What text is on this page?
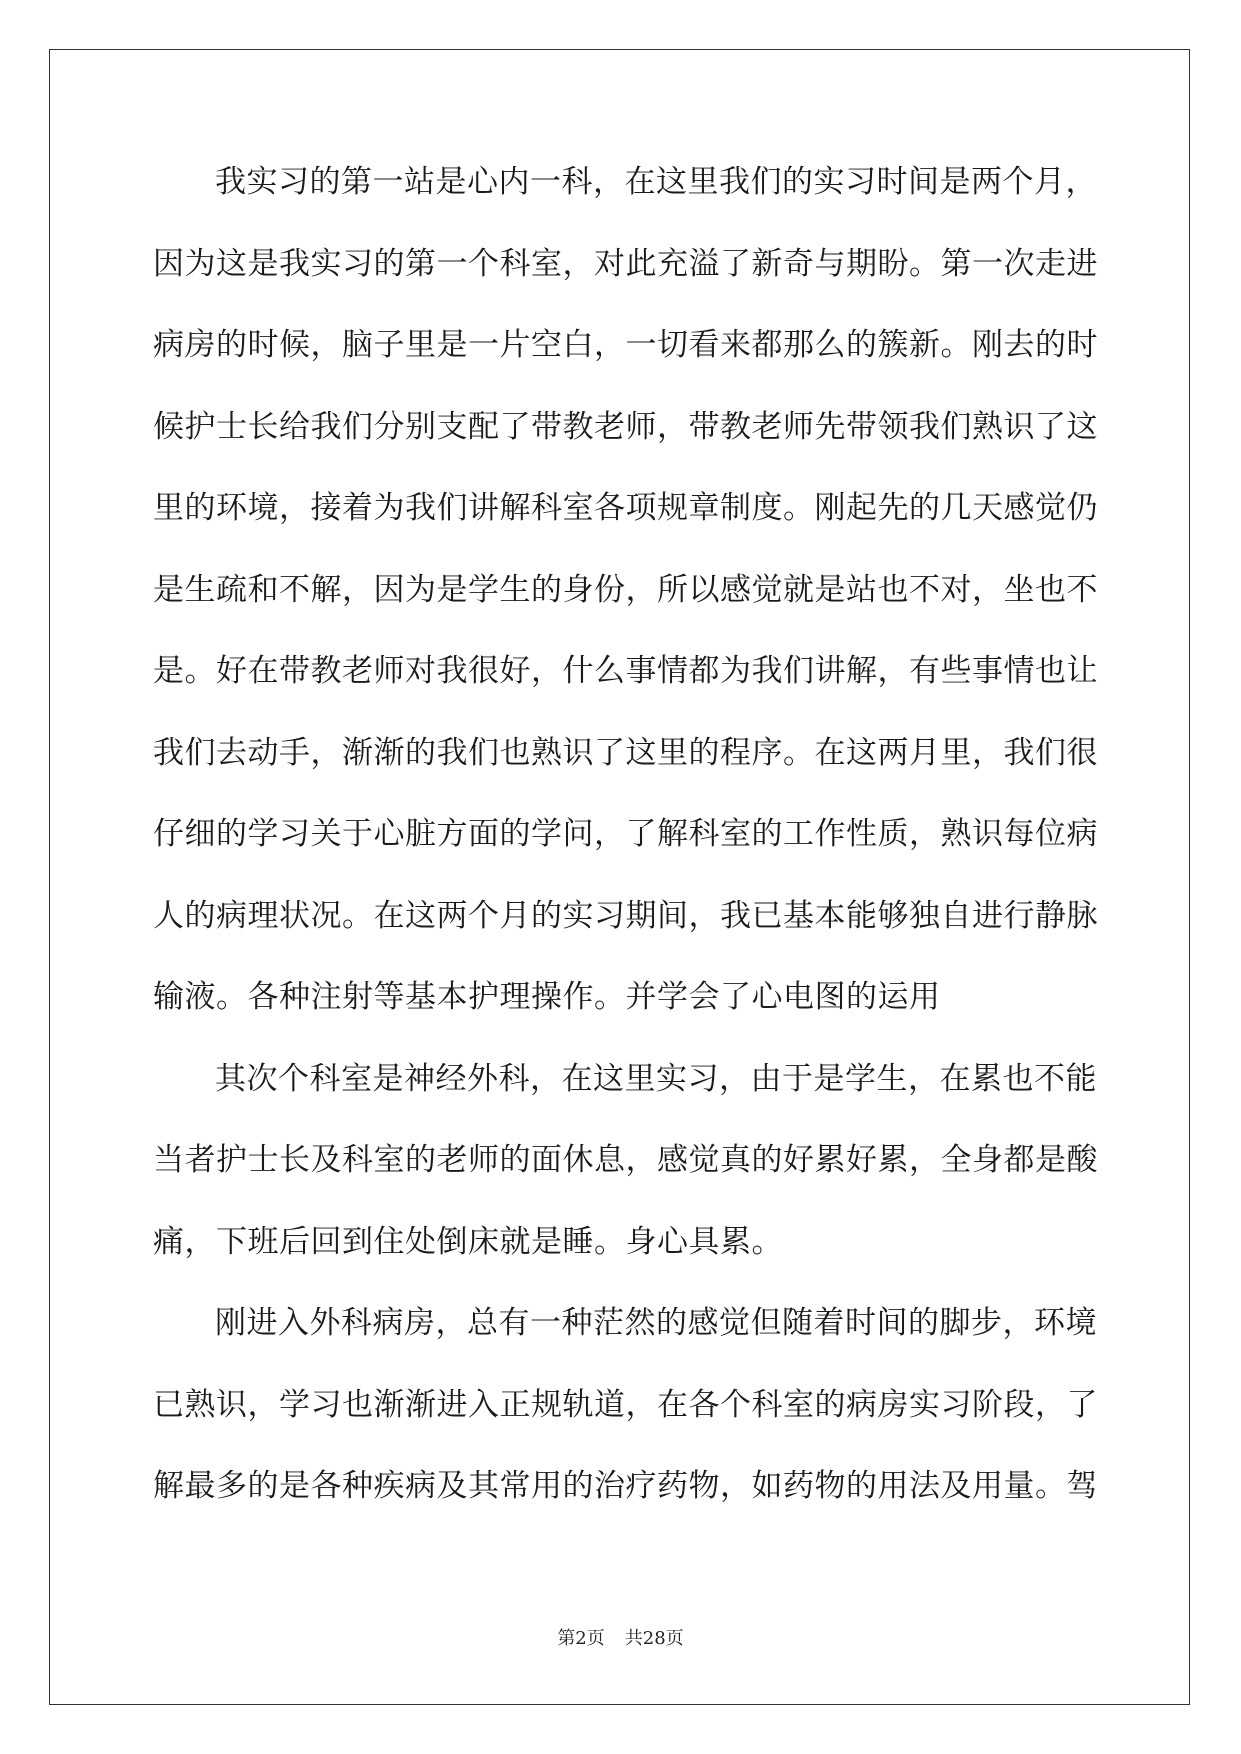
我实习的第一站是心内一科，在这里我们的实习时间是两个月，
因为这是我实习的第一个科室，对此充溢了新奇与期盼。第一次走进
病房的时候，脑子里是一片空白，一切看来都那么的簇新。刚去的时
候护士长给我们分别支配了带教老师，带教老师先带领我们熟识了这
里的环境，接着为我们讲解科室各项规章制度。刚起先的几天感觉仍
是生疏和不解，因为是学生的身份，所以感觉就是站也不对，坐也不
是。好在带教老师对我很好，什么事情都为我们讲解，有些事情也让
我们去动手，渐渐的我们也熟识了这里的程序。在这两月里，我们很
仔细的学习关于心脏方面的学问，了解科室的工作性质，熟识每位病
人的病理状况。在这两个月的实习期间，我已基本能够独自进行静脉
输液。各种注射等基本护理操作。并学会了心电图的运用
其次个科室是神经外科，在这里实习，由于是学生，在累也不能
当者护士长及科室的老师的面休息，感觉真的好累好累，全身都是酸
痛，下班后回到住处倒床就是睡。身心具累。
刚进入外科病房，总有一种茫然的感觉但随着时间的脚步，环境
已熟识，学习也渐渐进入正规轨道，在各个科室的病房实习阶段，了
解最多的是各种疾病及其常用的治疗药物，如药物的用法及用量。驾
第2页 共28页
